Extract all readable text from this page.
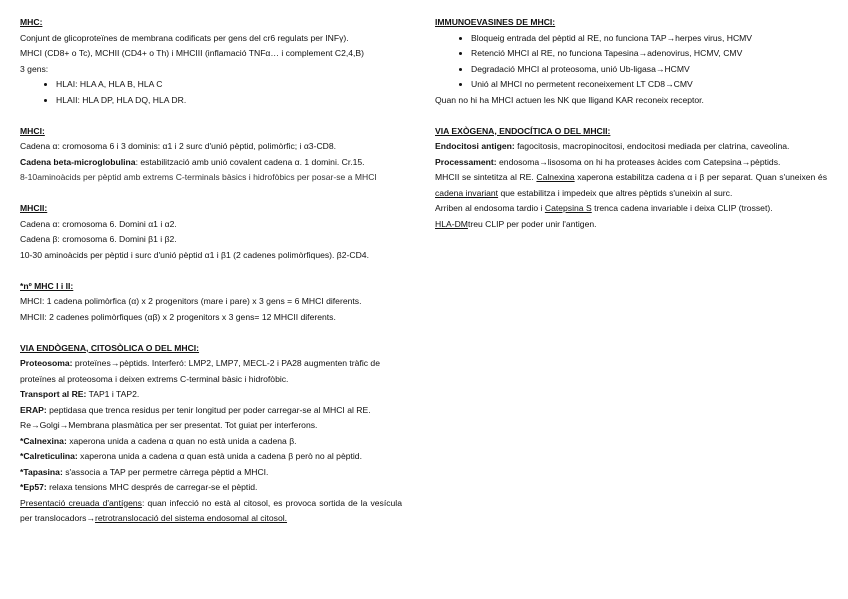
MHC:

Conjunt de glicoproteïnes de membrana codificats per gens del cr6 regulats per INFγ).

MHCI (CD8+ o Tc), MCHII (CD4+ o Th) i MHCIII (inflamació TNFα… i complement C2,4,B)

3 gens:

• HLAI: HLA A, HLA B, HLA C
• HLAII: HLA DP, HLA DQ, HLA DR.

MHCI:

Cadena α: cromosoma 6 i 3 dominis: α1 i 2 surc d'unió pèptid, polimòrfic; i α3-CD8.

Cadena beta-microglobulina: estabilització amb unió covalent cadena α. 1 domini. Cr.15.

8-10aminoàcids per pèptid amb extrems C-terminals bàsics i hidrofòbics per posar-se a MHCI

MHCII:

Cadena α: cromosoma 6. Domini α1 i α2.

Cadena β: cromosoma 6. Domini β1 i β2.

10-30 aminoàcids per pèptid i surc d'unió pèptid α1 i β1 (2 cadenes polimòrfiques). β2-CD4.

*nº MHC I i II:

MHCI: 1 cadena polimòrfica (α) x 2 progenitors (mare i pare) x 3 gens = 6 MHCI diferents.

MHCII: 2 cadenes polimòrfiques (αβ) x 2 progenitors x 3 gens= 12 MHCII diferents.

VIA ENDÒGENA, CITOSÒLICA O DEL MHCI:

Proteosoma: proteïnes→pèptids. Interferó: LMP2, LMP7, MECL-2 i PA28 augmenten tràfic de proteïnes al proteosoma i deixen extrems C-terminal bàsic i hidrofòbic.

Transport al RE: TAP1 i TAP2.

ERAP: peptidasa que trenca residus per tenir longitud per poder carregar-se al MHCI al RE.

Re→Golgi→Membrana plasmàtica per ser presentat. Tot guiat per interferons.

*Calnexina: xaperona unida a cadena α quan no està unida a cadena β.

*Calreticulina: xaperona unida a cadena α quan està unida a cadena β però no al pèptid.

*Tapasina: s'associa a TAP per permetre càrrega pèptid a MHCI.

*Ep57: relaxa tensions MHC després de carregar-se el pèptid.

Presentació creuada d'antígens: quan infecció no està al citosol, es provoca sortida de la vesícula per translocadors→retrotranslocació del sistema endosomal al citosol.

IMMUNOEVASINES DE MHCI:

• Bloqueig entrada del pèptid al RE, no funciona TAP→herpes virus, HCMV
• Retenció MHCI al RE, no funciona Tapesina→adenovirus, HCMV, CMV
• Degradació MHCI al proteosoma, unió Ub-ligasa→HCMV
• Unió al MHCI no permetent reconeixement LT CD8→CMV

Quan no hi ha MHCI actuen les NK que lligand KAR reconeix receptor.

VIA EXÒGENA, ENDOCÍTICA O DEL MHCII:

Endocitosi antigen: fagocitosis, macropinocitosi, endocitosi mediada per clatrina, caveolina.

Processament: endosoma→lisosoma on hi ha proteases àcides com Catepsina→pèptids.

MHCII se sintetitza al RE. Calnexina xaperona estabilitza cadena α i β per separat. Quan s'uneixen és cadena invariant que estabilitza i impedeix que altres pèptids s'uneixin al surc.

Arriben al endosoma tardio i Catepsina S trenca cadena invariable i deixa CLIP (trosset).

HLA-DMtreu CLIP per poder unir l'antigen.
